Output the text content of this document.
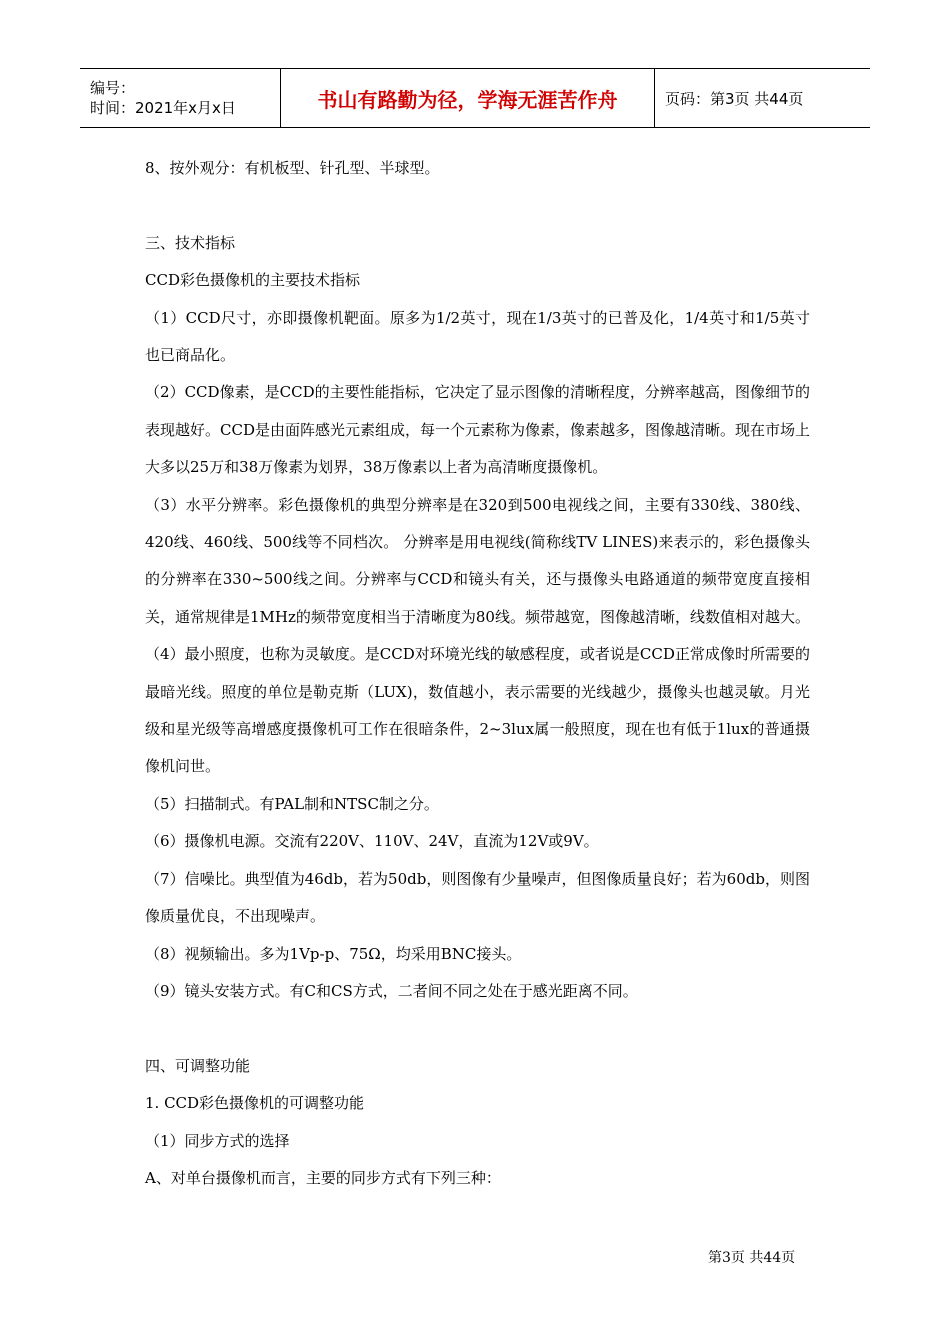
编号：
时间：2021年x月x日	书山有路勤为径，学海无涯苦作舟	页码：第3页 共44页

8、按外观分：有机板型、针孔型、半球型。

三、技术指标

CCD彩色摄像机的主要技术指标

（1）CCD尺寸，亦即摄像机靶面。原多为1/2英寸，现在1/3英寸的已普及化，1/4英寸和1/5英寸也已商品化。

（2）CCD像素，是CCD的主要性能指标，它决定了显示图像的清晰程度，分辨率越高，图像细节的表现越好。CCD是由面阵感光元素组成，每一个元素称为像素，像素越多，图像越清晰。现在市场上大多以25万和38万像素为划界，38万像素以上者为高清晰度摄像机。

（3）水平分辨率。彩色摄像机的典型分辨率是在320到500电视线之间，主要有330线、380线、420线、460线、500线等不同档次。 分辨率是用电视线(简称线TV LINES)来表示的，彩色摄像头的分辨率在330~500线之间。分辨率与CCD和镜头有关，还与摄像头电路通道的频带宽度直接相关，通常规律是1MHz的频带宽度相当于清晰度为80线。频带越宽，图像越清晰，线数值相对越大。

（4）最小照度，也称为灵敏度。是CCD对环境光线的敏感程度，或者说是CCD正常成像时所需要的最暗光线。照度的单位是勒克斯（LUX)，数值越小，表示需要的光线越少，摄像头也越灵敏。月光级和星光级等高增感度摄像机可工作在很暗条件，2~3lux属一般照度，现在也有低于1lux的普通摄像机问世。

（5）扫描制式。有PAL制和NTSC制之分。

（6）摄像机电源。交流有220V、110V、24V，直流为12V或9V。

（7）信噪比。典型值为46db，若为50db，则图像有少量噪声，但图像质量良好；若为60db，则图像质量优良，不出现噪声。

（8）视频输出。多为1Vp-p、75Ω，均采用BNC接头。

（9）镜头安装方式。有C和CS方式，二者间不同之处在于感光距离不同。

四、可调整功能

1. CCD彩色摄像机的可调整功能

（1）同步方式的选择

A、对单台摄像机而言，主要的同步方式有下列三种：

第3页 共44页
